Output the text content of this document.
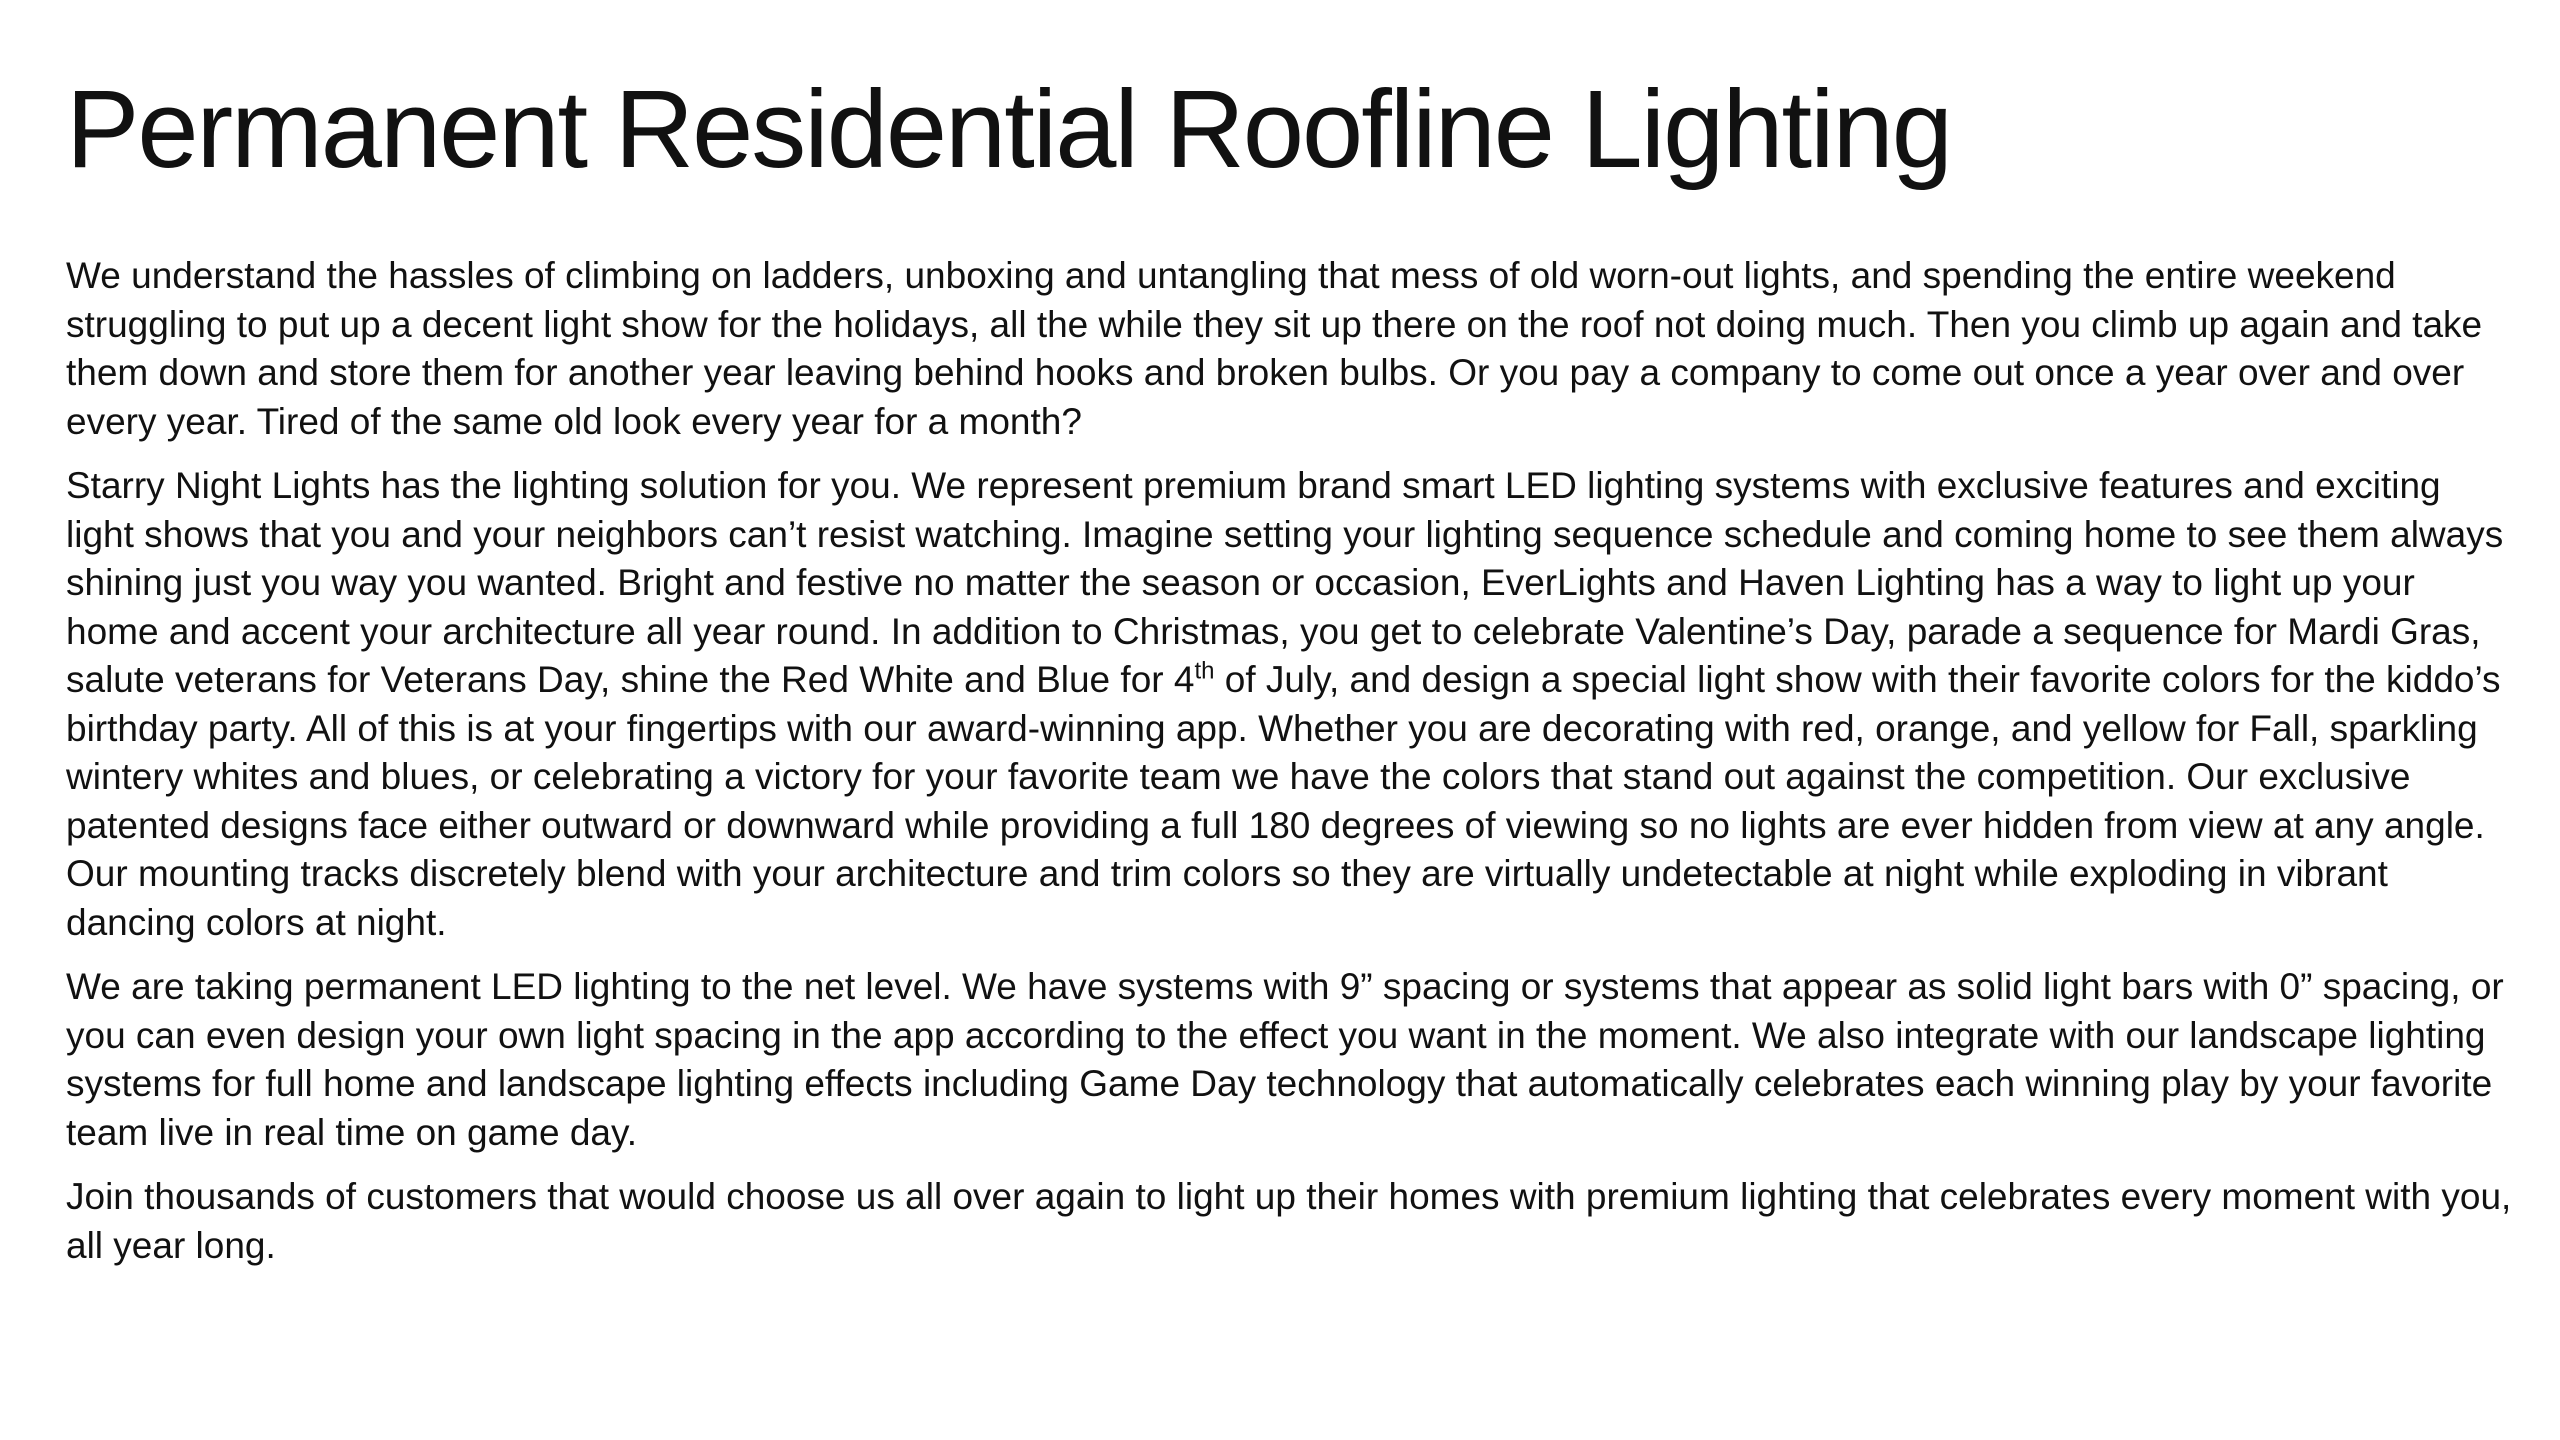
Permanent Residential Roofline Lighting

We understand the hassles of climbing on ladders, unboxing and untangling that mess of old worn-out lights, and spending the entire weekend struggling to put up a decent light show for the holidays, all the while they sit up there on the roof not doing much. Then you climb up again and take them down and store them for another year leaving behind hooks and broken bulbs. Or you pay a company to come out once a year over and over every year. Tired of the same old look every year for a month?

Starry Night Lights has the lighting solution for you. We represent premium brand smart LED lighting systems with exclusive features and exciting light shows that you and your neighbors can’t resist watching. Imagine setting your lighting sequence schedule and coming home to see them always shining just you way you wanted. Bright and festive no matter the season or occasion, EverLights and Haven Lighting has a way to light up your home and accent your architecture all year round. In addition to Christmas, you get to celebrate Valentine’s Day, parade a sequence for Mardi Gras, salute veterans for Veterans Day, shine the Red White and Blue for 4th of July, and design a special light show with their favorite colors for the kiddo’s birthday party. All of this is at your fingertips with our award-winning app. Whether you are decorating with red, orange, and yellow for Fall, sparkling wintery whites and blues, or celebrating a victory for your favorite team we have the colors that stand out against the competition. Our exclusive patented designs face either outward or downward while providing a full 180 degrees of viewing so no lights are ever hidden from view at any angle. Our mounting tracks discretely blend with your architecture and trim colors so they are virtually undetectable at night while exploding in vibrant dancing colors at night.

We are taking permanent LED lighting to the net level. We have systems with 9” spacing or systems that appear as solid light bars with 0” spacing, or you can even design your own light spacing in the app according to the effect you want in the moment. We also integrate with our landscape lighting systems for full home and landscape lighting effects including Game Day technology that automatically celebrates each winning play by your favorite team live in real time on game day.

Join thousands of customers that would choose us all over again to light up their homes with premium lighting that celebrates every moment with you, all year long.
